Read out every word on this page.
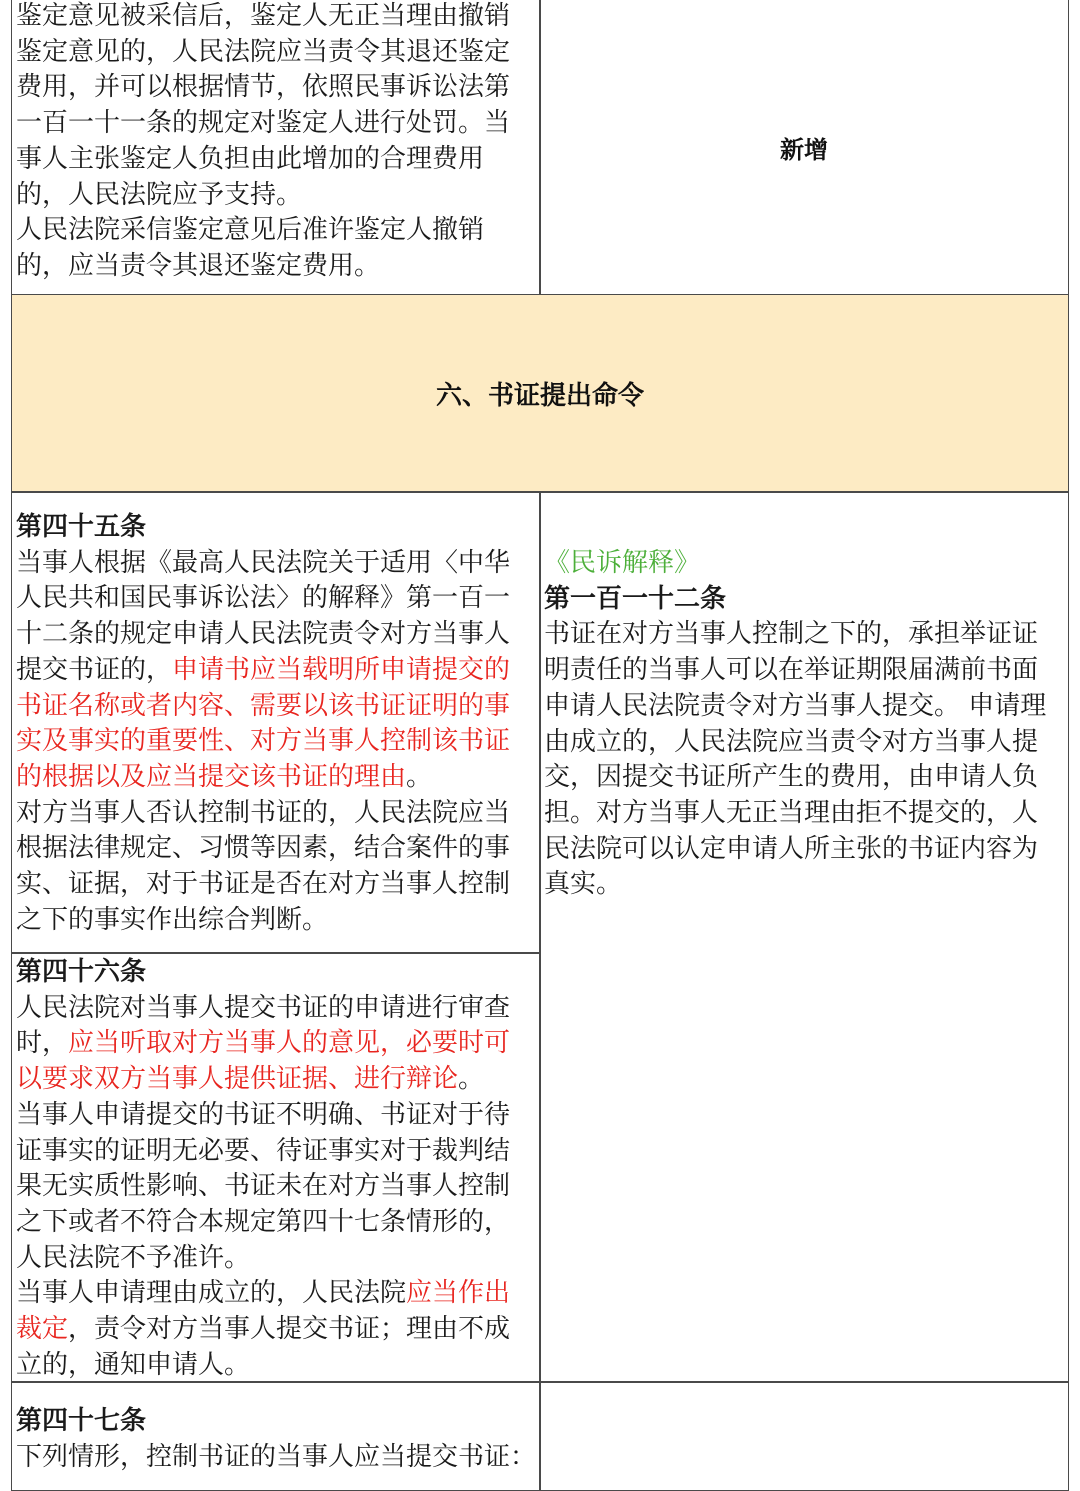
鉴定意见被采信后，鉴定人无正当理由撤销

鉴定意见的，人民法院应当责令其退还鉴定

费用，并可以根据情节，依照民事诉讼法第

一百一十一条的规定对鉴定人进行处罚。当

事人主张鉴定人负担由此增加的合理费用

的，人民法院应予支持。

人民法院采信鉴定意见后准许鉴定人撤销

的，应当责令其退还鉴定费用。

新增
六、书证提出命令

第四十五条

当事人根据《最高人民法院关于适用〈中华

人民共和国民事诉讼法〉的解释》第一百一

十二条的规定申请人民法院责令对方当事人

提交书证的，申请书应当载明所申请提交的

书证名称或者内容、需要以该书证证明的事

实及事实的重要性、对方当事人控制该书证

的根据以及应当提交该书证的理由。

对方当事人否认控制书证的，人民法院应当

根据法律规定、习惯等因素，结合案件的事

实、证据，对于书证是否在对方当事人控制

之下的事实作出综合判断。

第四十六条

人民法院对当事人提交书证的申请进行审查

时，应当听取对方当事人的意见，必要时可

以要求双方当事人提供证据、进行辩论。

当事人申请提交的书证不明确、书证对于待

证事实的证明无必要、待证事实对于裁判结

果无实质性影响、书证未在对方当事人控制

之下或者不符合本规定第四十七条情形的，

人民法院不予准许。

当事人申请理由成立的，人民法院应当作出

裁定，责令对方当事人提交书证；理由不成

立的，通知申请人。

《民诉解释》

第一百一十二条

书证在对方当事人控制之下的，承担举证证

明责任的当事人可以在举证期限届满前书面

申请人民法院责令对方当事人提交。 申请理

由成立的，人民法院应当责令对方当事人提

交，因提交书证所产生的费用，由申请人负

担。对方当事人无正当理由拒不提交的，人

民法院可以认定申请人所主张的书证内容为

真实。

第四十七条

下列情形，控制书证的当事人应当提交书证：
